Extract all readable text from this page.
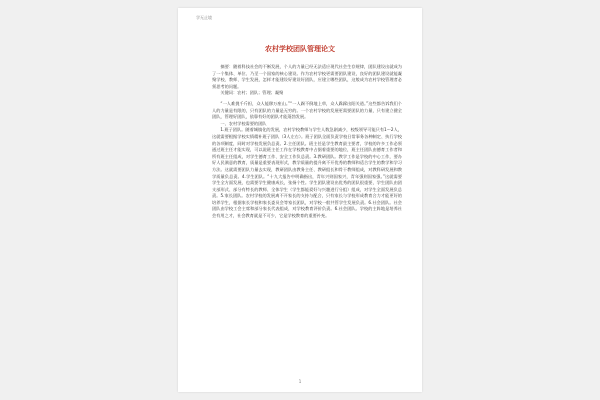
学无止境
农村学校团队管理论文

摘要：随着科技社会的不断发展，个人的力量已经无法适应现代社会生存规律，团队建设出就成为了一个集体、单位、乃至一个国家的核心建设。作为农村学校更需要团队建设，良好的团队建设就能凝聚学校、教师、学生发展，怎样才能建设好建设好团队，应建立哪些团队，这般成为农村学校管理者必须思考的问题。

关键词：农村；团队；管理；凝聚

“一人难挑千斤担，众人能移万座山。”“一人踢不倒地上草，众人跺跺出阳关道。”这些都告诉我们个人的力量是有限的，只有团队的力量是无穷的。一个农村学校的发展更需要团队的力量，只有建立健全团队，管理好团队，依靠有好的团队才能蓬勃发展。

一、农村学校需要的团队

1.班子团队。随着城镇化的发展，农村学校教师与学生人数急剧减少，校级领导可能只有1～2人，这就需要根据学校实情精补班子团队（3人左右）。班子团队全面负责学校日常事务各种制定、执行学校的各项制度，同时对学校发展负总责。2.主任团队。班主任是学生教育最主要者，学校的许多工作必须通过班主任才能实现，可以说班主任工作在学校教育中占据着重要的地位，班主任团队由德育工作者和所有班主任组成，对学生德育工作、安全工作负总责。3.教研团队。教学工作是学校的中心工作，要办好人民满意的教育，质量是重要表现形式，教学质量的提升离不开优秀的教师和适合学生的教学和学习方法。这就需要团队力量去实现，教研团队由教务主任、教研组长和骨干教师组成，对教科研发展和教学质量负总责。4.学生团队。“十九大报告中明确指出，青年兴则国家兴，青年强则国家强。”这就需要学生全方面发展，也需要学生健康成长，张扬个性。学生团队建设出优秀的团队很重要，学生团队由团支部形式、部分有特长的教师、全体学生（学生都能爱好与兴趣进行分组）组成，对学生全面发展负总责。5.家长团队。农村学校的发展离不开家长的支持与配合，只有家长与学校形成教育合力才能更好的培养学生，根据家长学校和家长委员会等家长团队，对学校一般共管学生发展负责。6.社会团队。社会团队由学校工会主席和部分家长代表组成，对学校教育评价负责。6.社会团队。学校的主阵地是培养社会有用之才，社会教育就是不可少，它是学校教育的重要补充。

1
